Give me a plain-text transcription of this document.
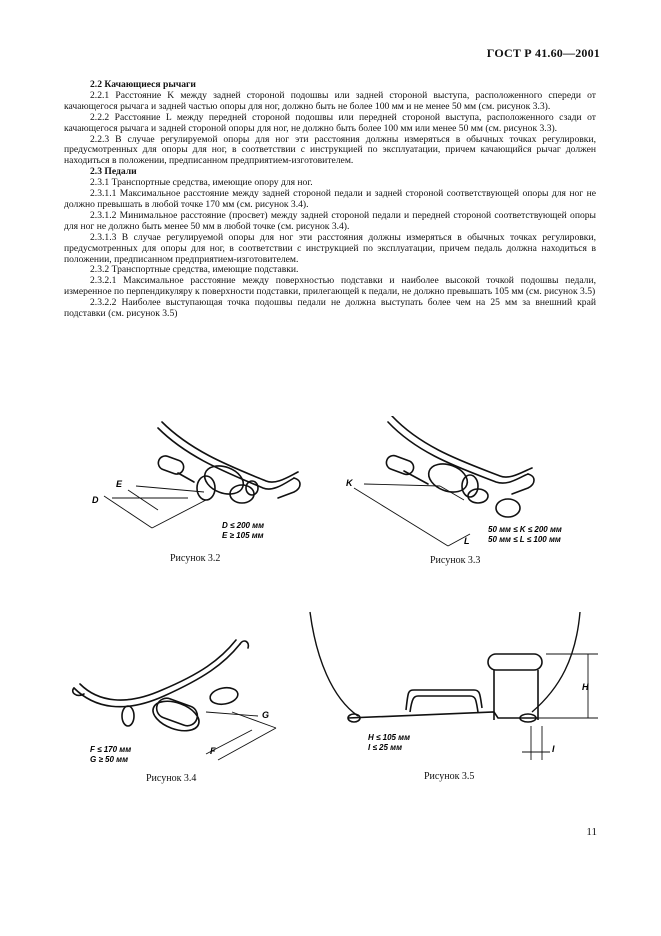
ГОСТ Р 41.60—2001

2.2 Качающиеся рычаги

2.2.1 Расстояние K между задней стороной подошвы или задней стороной выступа, расположенного спереди от качающегося рычага и задней частью опоры для ног, должно быть не более 100 мм и не менее 50 мм (см. рисунок 3.3).

2.2.2 Расстояние L между передней стороной подошвы или передней стороной выступа, расположенного сзади от качающегося рычага и задней стороной опоры для ног, не должно быть более 100 мм или менее 50 мм (см. рисунок 3.3).

2.2.3 В случае регулируемой опоры для ног эти расстояния должны измеряться в обычных точках регулировки, предусмотренных для опоры для ног, в соответствии с инструкцией по эксплуатации, причем качающийся рычаг должен находиться в положении, предписанном предприятием-изготовителем.

2.3 Педали

2.3.1 Транспортные средства, имеющие опору для ног.

2.3.1.1 Максимальное расстояние между задней стороной педали и задней стороной соответствующей опоры для ног не должно превышать в любой точке 170 мм (см. рисунок 3.4).

2.3.1.2 Минимальное расстояние (просвет) между задней стороной педали и передней стороной соответствующей опоры для ног не должно быть менее 50 мм в любой точке (см. рисунок 3.4).

2.3.1.3 В случае регулируемой опоры для ног эти расстояния должны измеряться в обычных точках регулировки, предусмотренных для опоры для ног, в соответствии с инструкцией по эксплуатации, причем педаль должна находиться в положении, предписанном предприятием-изготовителем.

2.3.2 Транспортные средства, имеющие подставки.

2.3.2.1 Максимальное расстояние между поверхностью подставки и наиболее высокой точкой подошвы педали, измеренное по перпендикуляру к поверхности подставки, прилегающей к педали, не должно превышать 105 мм (см. рисунок 3.5)

2.3.2.2 Наиболее выступающая точка подошвы педали не должна выступать более чем на 25 мм за внешний край подставки (см. рисунок 3.5)

E
D
D ≤ 200 мм
E ≥ 105 мм
Рисунок 3.2
K
L
50 мм ≤ K ≤ 200 мм
50 мм ≤ L ≤ 100 мм
Рисунок 3.3
G
F
F ≤ 170 мм
G ≥ 50 мм
Рисунок 3.4
H
I
H ≤ 105 мм
I ≤ 25 мм
Рисунок 3.5
11
